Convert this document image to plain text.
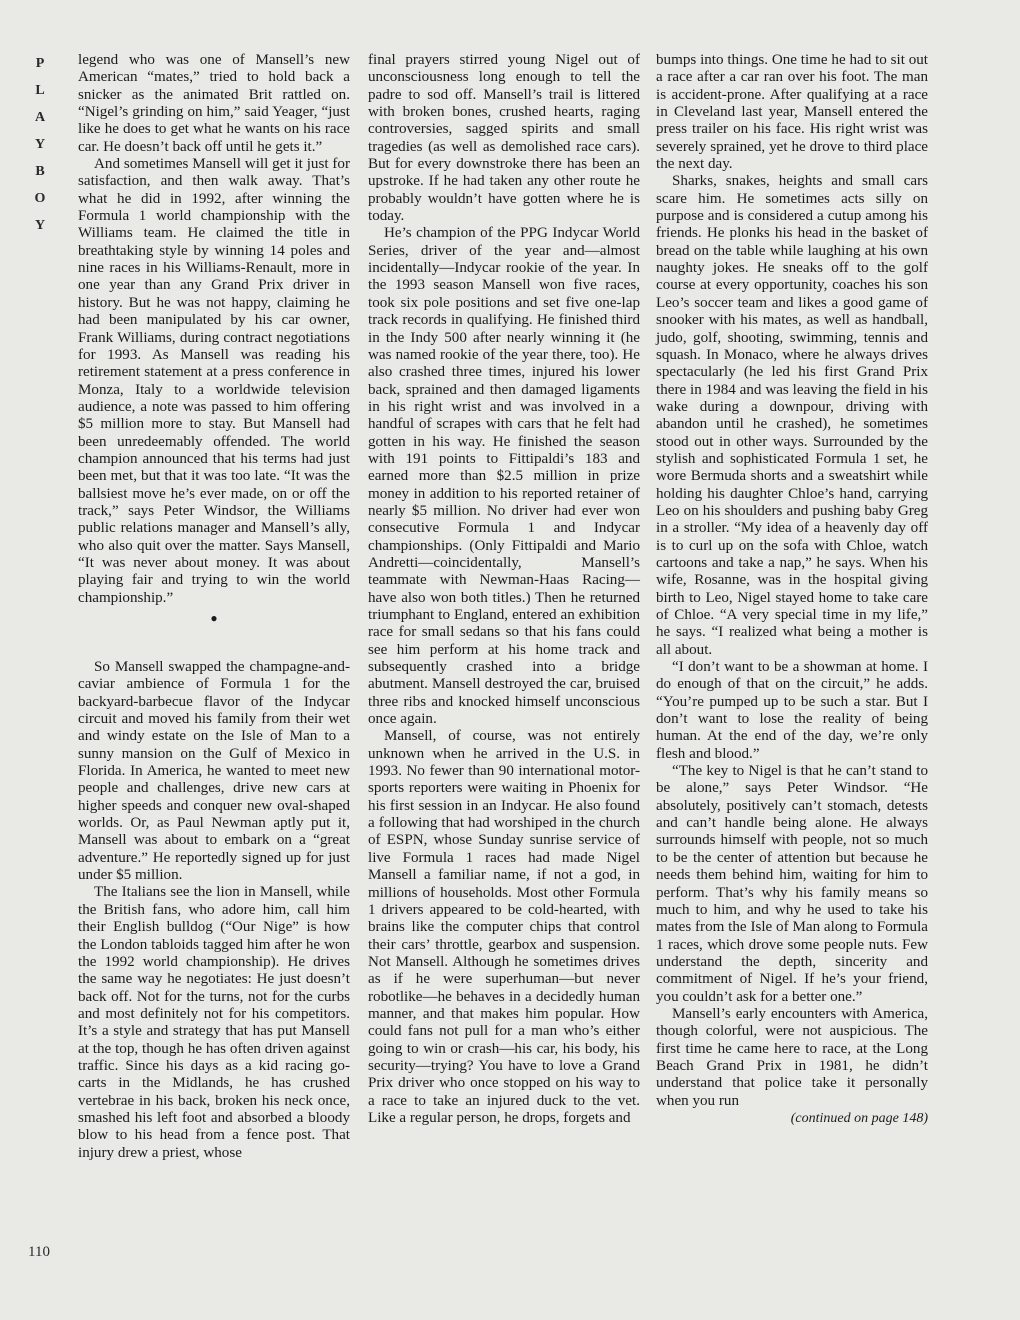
P
L
A
Y
B
O
Y

legend who was one of Mansell’s new American “mates,” tried to hold back a snicker as the animated Brit rattled on. “Nigel’s grinding on him,” said Yeager, “just like he does to get what he wants on his race car. He doesn’t back off until he gets it.”

And sometimes Mansell will get it just for satisfaction, and then walk away. That’s what he did in 1992, after winning the Formula 1 world championship with the Williams team. He claimed the title in breathtaking style by winning 14 poles and nine races in his Williams-Renault, more in one year than any Grand Prix driver in history. But he was not happy, claiming he had been manipulated by his car owner, Frank Williams, during contract negotiations for 1993. As Mansell was reading his retirement statement at a press conference in Monza, Italy to a worldwide television audience, a note was passed to him offering $5 million more to stay. But Mansell had been unredeemably offended. The world champion announced that his terms had just been met, but that it was too late. “It was the ballsiest move he’s ever made, on or off the track,” says Peter Windsor, the Williams public relations manager and Mansell’s ally, who also quit over the matter. Says Mansell, “It was never about money. It was about playing fair and trying to win the world championship.”

●

So Mansell swapped the champagne-and-caviar ambience of Formula 1 for the backyard-barbecue flavor of the Indycar circuit and moved his family from their wet and windy estate on the Isle of Man to a sunny mansion on the Gulf of Mexico in Florida. In America, he wanted to meet new people and challenges, drive new cars at higher speeds and conquer new oval-shaped worlds. Or, as Paul Newman aptly put it, Mansell was about to embark on a “great adventure.” He reportedly signed up for just under $5 million.

The Italians see the lion in Mansell, while the British fans, who adore him, call him their English bulldog (“Our Nige” is how the London tabloids tagged him after he won the 1992 world championship). He drives the same way he negotiates: He just doesn’t back off. Not for the turns, not for the curbs and most definitely not for his competitors. It’s a style and strategy that has put Mansell at the top, though he has often driven against traffic. Since his days as a kid racing go-carts in the Midlands, he has crushed vertebrae in his back, broken his neck once, smashed his left foot and absorbed a bloody blow to his head from a fence post. That injury drew a priest, whose

final prayers stirred young Nigel out of unconsciousness long enough to tell the padre to sod off. Mansell’s trail is littered with broken bones, crushed hearts, raging controversies, sagged spirits and small tragedies (as well as demolished race cars). But for every downstroke there has been an upstroke. If he had taken any other route he probably wouldn’t have gotten where he is today.

He’s champion of the PPG Indycar World Series, driver of the year and—almost incidentally—Indycar rookie of the year. In the 1993 season Mansell won five races, took six pole positions and set five one-lap track records in qualifying. He finished third in the Indy 500 after nearly winning it (he was named rookie of the year there, too). He also crashed three times, injured his lower back, sprained and then damaged ligaments in his right wrist and was involved in a handful of scrapes with cars that he felt had gotten in his way. He finished the season with 191 points to Fittipaldi’s 183 and earned more than $2.5 million in prize money in addition to his reported retainer of nearly $5 million. No driver had ever won consecutive Formula 1 and Indycar championships. (Only Fittipaldi and Mario Andretti—coincidentally, Mansell’s teammate with Newman-Haas Racing—have also won both titles.) Then he returned triumphant to England, entered an exhibition race for small sedans so that his fans could see him perform at his home track and subsequently crashed into a bridge abutment. Mansell destroyed the car, bruised three ribs and knocked himself unconscious once again.

Mansell, of course, was not entirely unknown when he arrived in the U.S. in 1993. No fewer than 90 international motor-sports reporters were waiting in Phoenix for his first session in an Indycar. He also found a following that had worshiped in the church of ESPN, whose Sunday sunrise service of live Formula 1 races had made Nigel Mansell a familiar name, if not a god, in millions of households. Most other Formula 1 drivers appeared to be cold-hearted, with brains like the computer chips that control their cars’ throttle, gearbox and suspension. Not Mansell. Although he sometimes drives as if he were superhuman—but never robotlike—he behaves in a decidedly human manner, and that makes him popular. How could fans not pull for a man who’s either going to win or crash—his car, his body, his security—trying? You have to love a Grand Prix driver who once stopped on his way to a race to take an injured duck to the vet. Like a regular person, he drops, forgets and

bumps into things. One time he had to sit out a race after a car ran over his foot. The man is accident-prone. After qualifying at a race in Cleveland last year, Mansell entered the press trailer on his face. His right wrist was severely sprained, yet he drove to third place the next day.

Sharks, snakes, heights and small cars scare him. He sometimes acts silly on purpose and is considered a cutup among his friends. He plonks his head in the basket of bread on the table while laughing at his own naughty jokes. He sneaks off to the golf course at every opportunity, coaches his son Leo’s soccer team and likes a good game of snooker with his mates, as well as handball, judo, golf, shooting, swimming, tennis and squash. In Monaco, where he always drives spectacularly (he led his first Grand Prix there in 1984 and was leaving the field in his wake during a downpour, driving with abandon until he crashed), he sometimes stood out in other ways. Surrounded by the stylish and sophisticated Formula 1 set, he wore Bermuda shorts and a sweatshirt while holding his daughter Chloe’s hand, carrying Leo on his shoulders and pushing baby Greg in a stroller. “My idea of a heavenly day off is to curl up on the sofa with Chloe, watch cartoons and take a nap,” he says. When his wife, Rosanne, was in the hospital giving birth to Leo, Nigel stayed home to take care of Chloe. “A very special time in my life,” he says. “I realized what being a mother is all about.

“I don’t want to be a showman at home. I do enough of that on the circuit,” he adds. “You’re pumped up to be such a star. But I don’t want to lose the reality of being human. At the end of the day, we’re only flesh and blood.”

“The key to Nigel is that he can’t stand to be alone,” says Peter Windsor. “He absolutely, positively can’t stomach, detests and can’t handle being alone. He always surrounds himself with people, not so much to be the center of attention but because he needs them behind him, waiting for him to perform. That’s why his family means so much to him, and why he used to take his mates from the Isle of Man along to Formula 1 races, which drove some people nuts. Few understand the depth, sincerity and commitment of Nigel. If he’s your friend, you couldn’t ask for a better one.”

Mansell’s early encounters with America, though colorful, were not auspicious. The first time he came here to race, at the Long Beach Grand Prix in 1981, he didn’t understand that police take it personally when you run

(continued on page 148)
110
